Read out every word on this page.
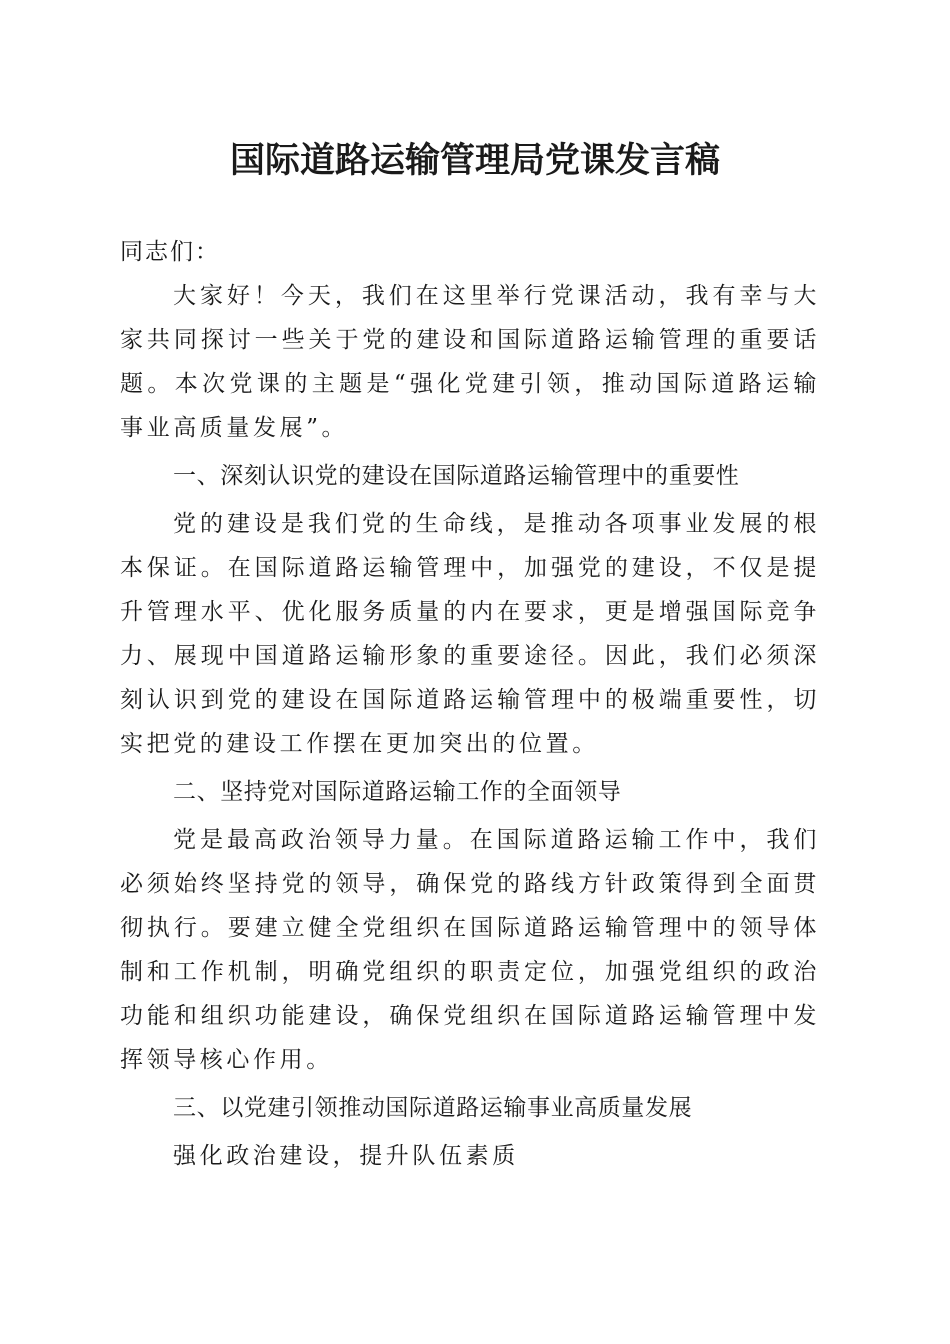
国际道路运输管理局党课发言稿

同志们：

大家好！今天，我们在这里举行党课活动，我有幸与大家共同探讨一些关于党的建设和国际道路运输管理的重要话题。本次党课的主题是“强化党建引领，推动国际道路运输事业高质量发展”。

一、深刻认识党的建设在国际道路运输管理中的重要性

党的建设是我们党的生命线，是推动各项事业发展的根本保证。在国际道路运输管理中，加强党的建设，不仅是提升管理水平、优化服务质量的内在要求，更是增强国际竞争力、展现中国道路运输形象的重要途径。因此，我们必须深刻认识到党的建设在国际道路运输管理中的极端重要性，切实把党的建设工作摆在更加突出的位置。

二、坚持党对国际道路运输工作的全面领导

党是最高政治领导力量。在国际道路运输工作中，我们必须始终坚持党的领导，确保党的路线方针政策得到全面贯彻执行。要建立健全党组织在国际道路运输管理中的领导体制和工作机制，明确党组织的职责定位，加强党组织的政治功能和组织功能建设，确保党组织在国际道路运输管理中发挥领导核心作用。

三、以党建引领推动国际道路运输事业高质量发展

强化政治建设，提升队伍素质
